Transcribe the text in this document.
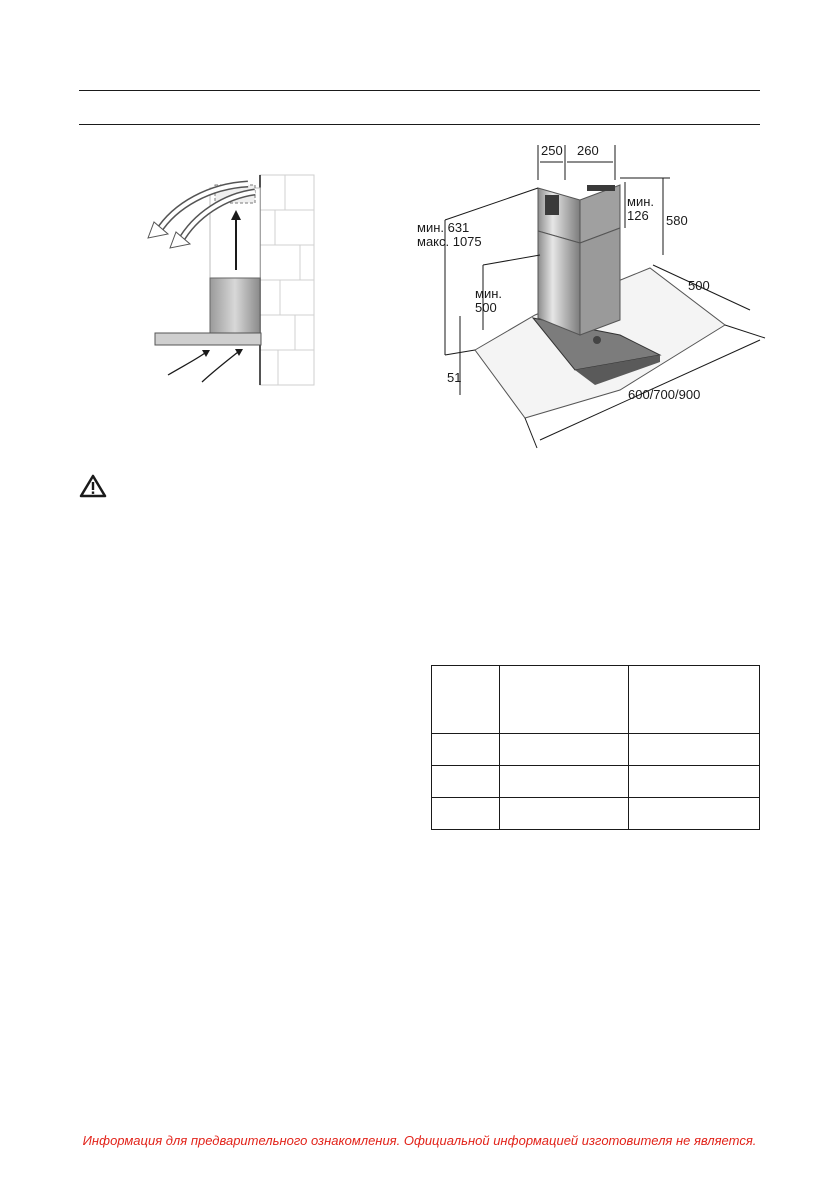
250 260
мин.
126 580
мин. 631
макс. 1075
мин.
500
500
51
600/700/900

Информация для предварительного ознакомления. Официальной информацией изготовителя не является.
